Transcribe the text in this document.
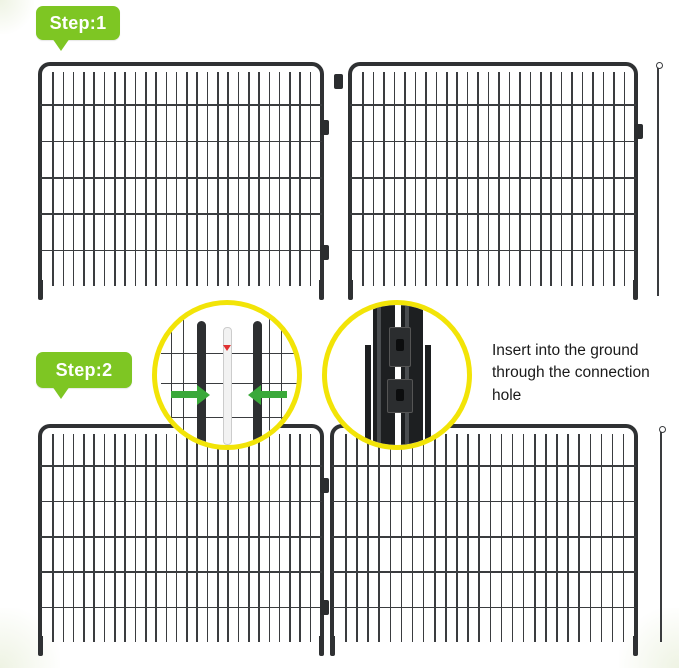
Step:1
Step:2
Insert into the ground
through the connection
hole
